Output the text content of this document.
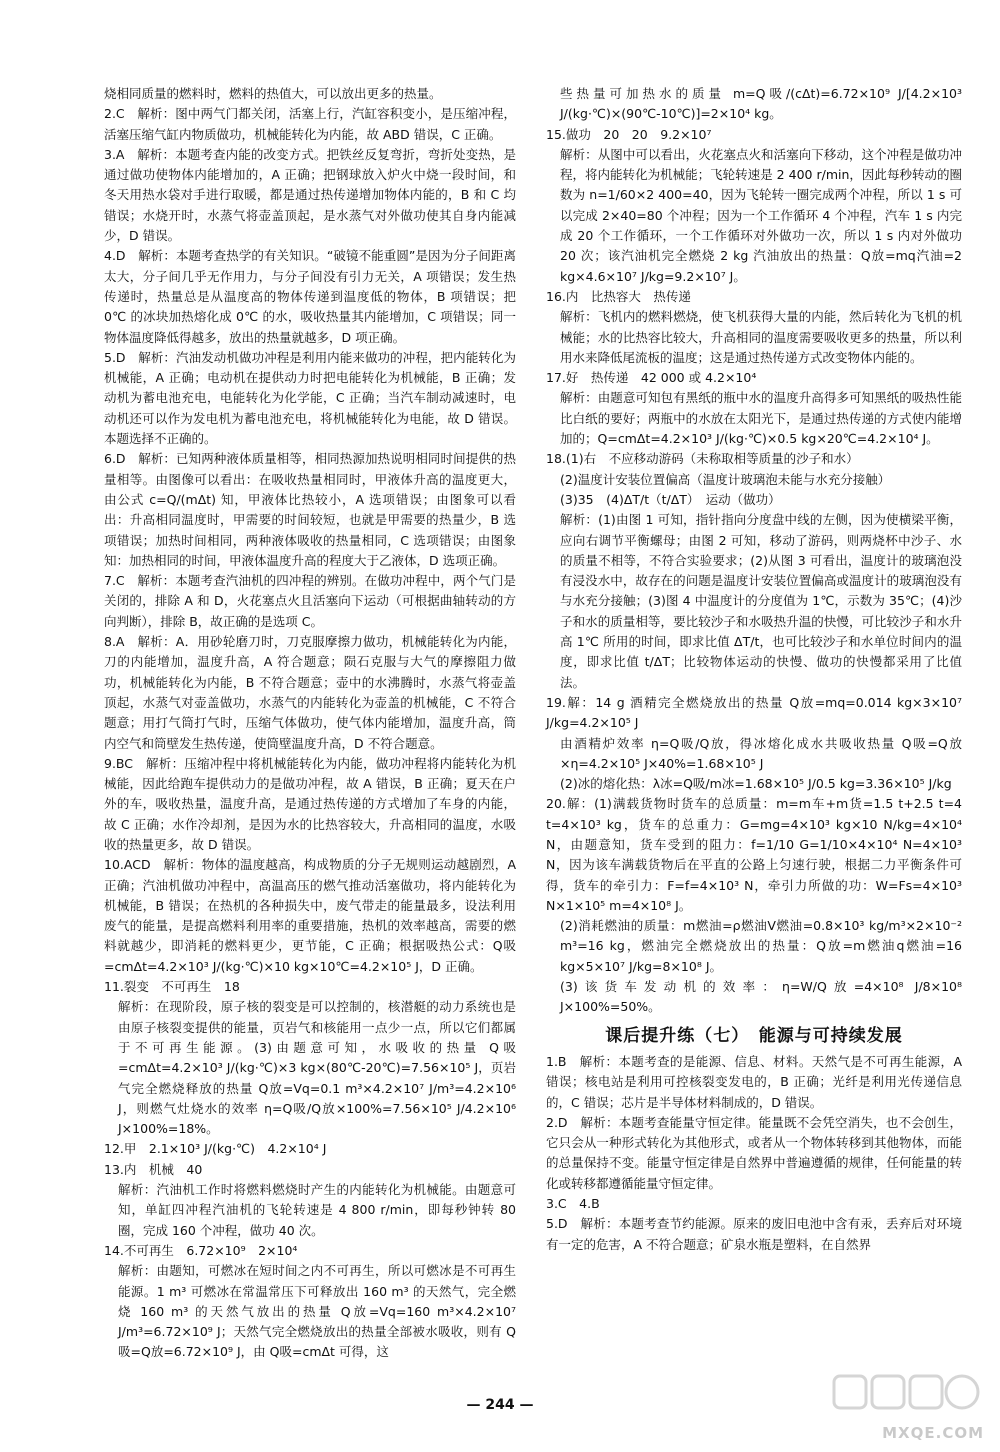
烧相同质量的燃料时，燃料的热值大，可以放出更多的热量。

2.C　解析：图中两气门都关闭，活塞上行，汽缸容积变小，是压缩冲程，活塞压缩气缸内物质做功，机械能转化为内能，故 ABD 错误，C 正确。

3.A　解析：本题考查内能的改变方式。把铁丝反复弯折，弯折处变热，是通过做功使物体内能增加的，A 正确；把钢球放入炉火中烧一段时间，和冬天用热水袋对手进行取暖，都是通过热传递增加物体内能的，B 和 C 均错误；水烧开时，水蒸气将壶盖顶起，是水蒸气对外做功使其自身内能减少，D 错误。

4.D　解析：本题考查热学的有关知识。“破镜不能重圆”是因为分子间距离太大，分子间几乎无作用力，与分子间没有引力无关，A 项错误；发生热传递时，热量总是从温度高的物体传递到温度低的物体，B 项错误；把 0℃ 的冰块加热熔化成 0℃ 的水，吸收热量其内能增加，C 项错误；同一物体温度降低得越多，放出的热量就越多，D 项正确。

5.D　解析：汽油发动机做功冲程是利用内能来做功的冲程，把内能转化为机械能，A 正确；电动机在提供动力时把电能转化为机械能，B 正确；发动机为蓄电池充电，电能转化为化学能，C 正确；当汽车制动减速时，电动机还可以作为发电机为蓄电池充电，将机械能转化为电能，故 D 错误。本题选择不正确的。

6.D　解析：已知两种液体质量相等，相同热源加热说明相同时间提供的热量相等。由图像可以看出：在吸收热量相同时，甲液体升高的温度更大，由公式 c=Q/(mΔt) 知，甲液体比热较小，A 选项错误；由图象可以看出：升高相同温度时，甲需要的时间较短，也就是甲需要的热量少，B 选项错误；加热时间相同，两种液体吸收的热量相同，C 选项错误；由图象知：加热相同的时间，甲液体温度升高的程度大于乙液体，D 选项正确。

7.C　解析：本题考查汽油机的四冲程的辨别。在做功冲程中，两个气门是关闭的，排除 A 和 D，火花塞点火且活塞向下运动（可根据曲轴转动的方向判断），排除 B，故正确的是选项 C。

8.A　解析：A．用砂轮磨刀时，刀克服摩擦力做功，机械能转化为内能，刀的内能增加，温度升高，A 符合题意；陨石克服与大气的摩擦阻力做功，机械能转化为内能，B 不符合题意；壶中的水沸腾时，水蒸气将壶盖顶起，水蒸气对壶盖做功，水蒸气的内能转化为壶盖的机械能，C 不符合题意；用打气筒打气时，压缩气体做功，使气体内能增加，温度升高，筒内空气和筒壁发生热传递，使筒壁温度升高，D 不符合题意。

9.BC　解析：压缩冲程中将机械能转化为内能，做功冲程将内能转化为机械能，因此给跑车提供动力的是做功冲程，故 A 错误，B 正确；夏天在户外的车，吸收热量，温度升高，是通过热传递的方式增加了车身的内能，故 C 正确；水作冷却剂，是因为水的比热容较大，升高相同的温度，水吸收的热量更多，故 D 错误。

10.ACD　解析：物体的温度越高，构成物质的分子无规则运动越剧烈，A 正确；汽油机做功冲程中，高温高压的燃气推动活塞做功，将内能转化为机械能，B 错误；在热机的各种损失中，废气带走的能量最多，设法利用废气的能量，是提高燃料利用率的重要措施，热机的效率越高，需要的燃料就越少，即消耗的燃料更少，更节能，C 正确；根据吸热公式：Q吸=cmΔt=4.2×10³ J/(kg·℃)×10 kg×10℃=4.2×10⁵ J，D 正确。

11.裂变　不可再生　18

解析：在现阶段，原子核的裂变是可以控制的，核潜艇的动力系统也是由原子核裂变提供的能量，页岩气和核能用一点少一点，所以它们都属于不可再生能源。(3)由题意可知，水吸收的热量 Q吸=cmΔt=4.2×10³ J/(kg·℃)×3 kg×(80℃-20℃)=7.56×10⁵ J，页岩气完全燃烧释放的热量 Q放=Vq=0.1 m³×4.2×10⁷ J/m³=4.2×10⁶ J，则燃气灶烧水的效率 η=Q吸/Q放×100%=7.56×10⁵ J/4.2×10⁶ J×100%=18%。

12.甲　2.1×10³ J/(kg·℃)　4.2×10⁴ J

13.内　机械　40

解析：汽油机工作时将燃料燃烧时产生的内能转化为机械能。由题意可知，单缸四冲程汽油机的飞轮转速是 4 800 r/min，即每秒钟转 80 圈，完成 160 个冲程，做功 40 次。

14.不可再生　6.72×10⁹　2×10⁴

解析：由题知，可燃冰在短时间之内不可再生，所以可燃冰是不可再生能源。1 m³ 可燃冰在常温常压下可释放出 160 m³ 的天然气，完全燃烧 160 m³ 的天然气放出的热量 Q放=Vq=160 m³×4.2×10⁷ J/m³=6.72×10⁹ J；天然气完全燃烧放出的热量全部被水吸收，则有 Q吸=Q放=6.72×10⁹ J，由 Q吸=cmΔt 可得，这

些热量可加热水的质量 m=Q吸/(cΔt)=6.72×10⁹ J/[4.2×10³ J/(kg·℃)×(90℃-10℃)]=2×10⁴ kg。

15.做功　20　20　9.2×10⁷

解析：从图中可以看出，火花塞点火和活塞向下移动，这个冲程是做功冲程，将内能转化为机械能；飞轮转速是 2 400 r/min，因此每秒转动的圈数为 n=1/60×2 400=40，因为飞轮转一圈完成两个冲程，所以 1 s 可以完成 2×40=80 个冲程；因为一个工作循环 4 个冲程，汽车 1 s 内完成 20 个工作循环，一个工作循环对外做功一次，所以 1 s 内对外做功 20 次；该汽油机完全燃烧 2 kg 汽油放出的热量：Q放=mq汽油=2 kg×4.6×10⁷ J/kg=9.2×10⁷ J。

16.内　比热容大　热传递

解析：飞机内的燃料燃烧，使飞机获得大量的内能，然后转化为飞机的机械能；水的比热容比较大，升高相同的温度需要吸收更多的热量，所以利用水来降低尾流板的温度；这是通过热传递方式改变物体内能的。

17.好　热传递　42 000 或 4.2×10⁴

解析：由题意可知包有黑纸的瓶中水的温度升高得多可知黑纸的吸热性能比白纸的要好；两瓶中的水放在太阳光下，是通过热传递的方式使内能增加的；Q=cmΔt=4.2×10³ J/(kg·℃)×0.5 kg×20℃=4.2×10⁴ J。

18.(1)右　不应移动游码（未称取相等质量的沙子和水）

(2)温度计安装位置偏高（温度计玻璃泡未能与水充分接触）

(3)35　(4)ΔT/t（t/ΔT）　运动（做功）

解析：(1)由图 1 可知，指针指向分度盘中线的左侧，因为使横梁平衡，应向右调节平衡螺母；由图 2 可知，移动了游码，则两烧杯中沙子、水的质量不相等，不符合实验要求；(2)从图 3 可看出，温度计的玻璃泡没有浸没水中，故存在的问题是温度计安装位置偏高或温度计的玻璃泡没有与水充分接触；(3)图 4 中温度计的分度值为 1℃，示数为 35℃；(4)沙子和水的质量相等，要比较沙子和水吸热升温的快慢，可比较沙子和水升高 1℃ 所用的时间，即求比值 ΔT/t，也可比较沙子和水单位时间内的温度，即求比值 t/ΔT；比较物体运动的快慢、做功的快慢都采用了比值法。

19.解：14 g 酒精完全燃烧放出的热量 Q放=mq=0.014 kg×3×10⁷ J/kg=4.2×10⁵ J

由酒精炉效率 η=Q吸/Q放，得冰熔化成水共吸收热量 Q吸=Q放×η=4.2×10⁵ J×40%=1.68×10⁵ J

(2)冰的熔化热：λ冰=Q吸/m冰=1.68×10⁵ J/0.5 kg=3.36×10⁵ J/kg

20.解：(1)满载货物时货车的总质量：m=m车+m货=1.5 t+2.5 t=4 t=4×10³ kg，货车的总重力：G=mg=4×10³ kg×10 N/kg=4×10⁴ N，由题意知，货车受到的阻力：f=1/10 G=1/10×4×10⁴ N=4×10³ N，因为该车满载货物后在平直的公路上匀速行驶，根据二力平衡条件可得，货车的牵引力：F=f=4×10³ N，牵引力所做的功：W=Fs=4×10³ N×1×10⁵ m=4×10⁸ J。

(2)消耗燃油的质量：m燃油=ρ燃油V燃油=0.8×10³ kg/m³×2×10⁻² m³=16 kg，燃油完全燃烧放出的热量：Q放=m燃油q燃油=16 kg×5×10⁷ J/kg=8×10⁸ J。

(3)该货车发动机的效率：η=W/Q放=4×10⁸ J/8×10⁸ J×100%=50%。

课后提升练（七）　能源与可持续发展

1.B　解析：本题考查的是能源、信息、材料。天然气是不可再生能源，A 错误；核电站是利用可控核裂变发电的，B 正确；光纤是利用光传递信息的，C 错误；芯片是半导体材料制成的，D 错误。

2.D　解析：本题考查能量守恒定律。能量既不会凭空消失，也不会创生，它只会从一种形式转化为其他形式，或者从一个物体转移到其他物体，而能的总量保持不变。能量守恒定律是自然界中普遍遵循的规律，任何能量的转化或转移都遵循能量守恒定律。

3.C　4.B

5.D　解析：本题考查节约能源。原来的废旧电池中含有汞，丢弃后对环境有一定的危害，A 不符合题意；矿泉水瓶是塑料，在自然界

— 244 —
MXQE.COM
